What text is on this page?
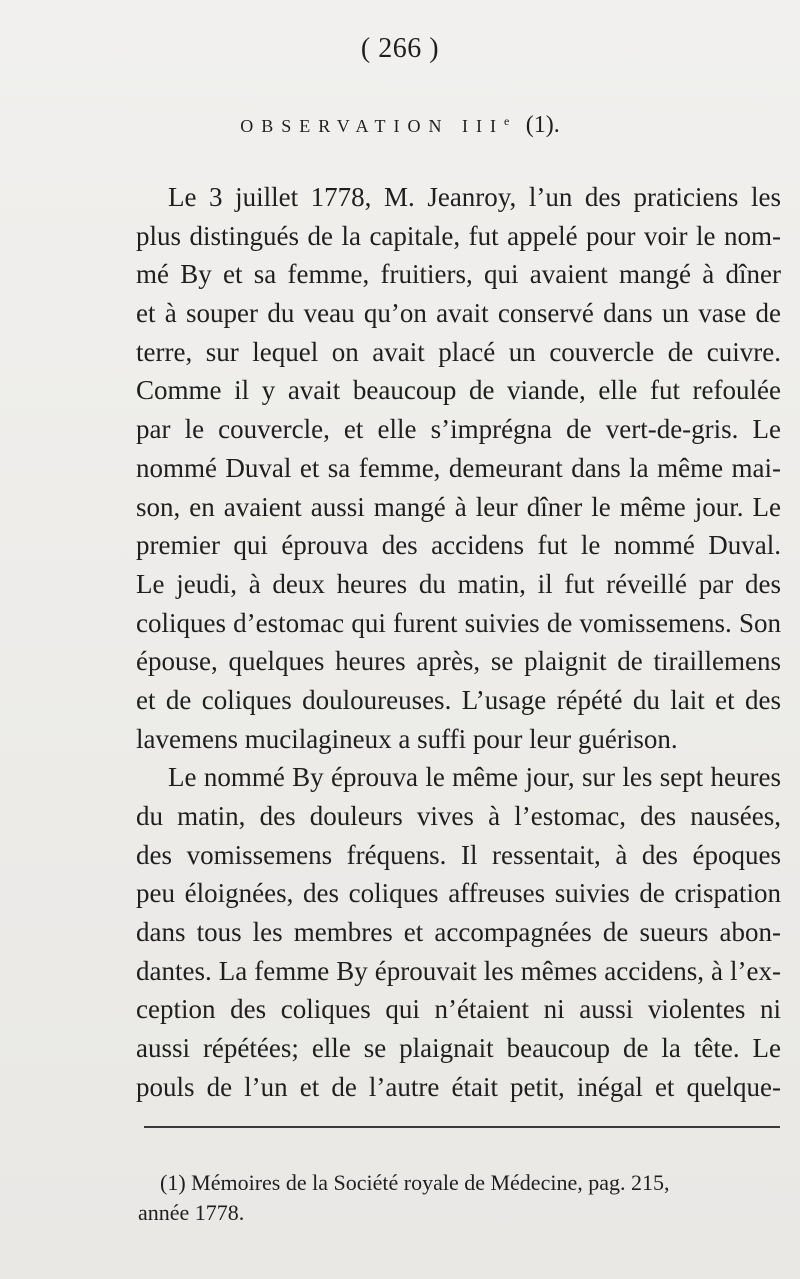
( 266 )
OBSERVATION IIIe (1).
Le 3 juillet 1778, M. Jeanroy, l’un des praticiens les
plus distingués de la capitale, fut appelé pour voir le nom-
mé By et sa femme, fruitiers, qui avaient mangé à dîner
et à souper du veau qu’on avait conservé dans un vase de
terre, sur lequel on avait placé un couvercle de cuivre.
Comme il y avait beaucoup de viande, elle fut refoulée
par le couvercle, et elle s’imprégna de vert-de-gris. Le
nommé Duval et sa femme, demeurant dans la même mai-
son, en avaient aussi mangé à leur dîner le même jour. Le
premier qui éprouva des accidens fut le nommé Duval.
Le jeudi, à deux heures du matin, il fut réveillé par des
coliques d’estomac qui furent suivies de vomissemens. Son
épouse, quelques heures après, se plaignit de tiraillemens
et de coliques douloureuses. L’usage répété du lait et des
lavemens mucilagineux a suffi pour leur guérison.
Le nommé By éprouva le même jour, sur les sept heures
du matin, des douleurs vives à l’estomac, des nausées,
des vomissemens fréquens. Il ressentait, à des époques
peu éloignées, des coliques affreuses suivies de crispation
dans tous les membres et accompagnées de sueurs abon-
dantes. La femme By éprouvait les mêmes accidens, à l’ex-
ception des coliques qui n’étaient ni aussi violentes ni
aussi répétées; elle se plaignait beaucoup de la tête. Le
pouls de l’un et de l’autre était petit, inégal et quelque-
(1) Mémoires de la Société royale de Médecine, pag. 215,
année 1778.
